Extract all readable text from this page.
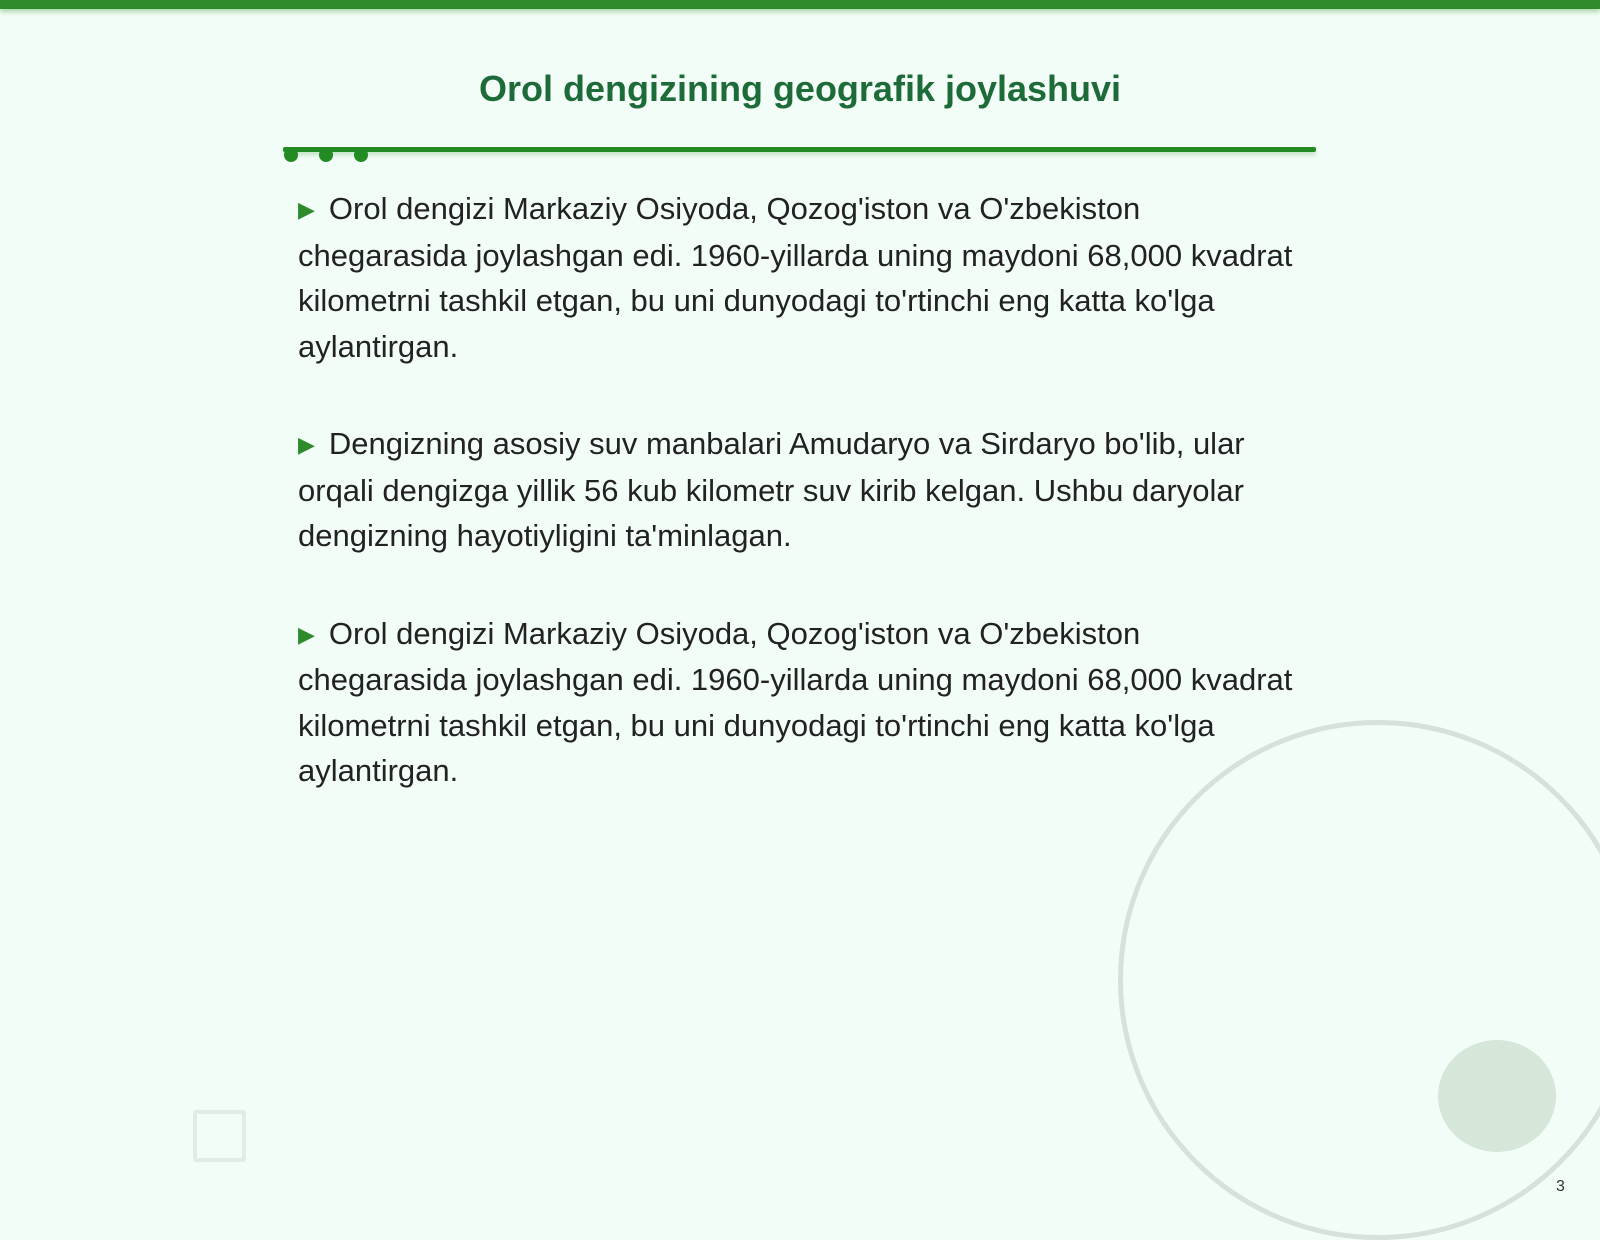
Orol dengizining geografik joylashuvi

▶ Orol dengizi Markaziy Osiyoda, Qozog'iston va O'zbekiston chegarasida joylashgan edi. 1960-yillarda uning maydoni 68,000 kvadrat kilometrni tashkil etgan, bu uni dunyodagi to'rtinchi eng katta ko'lga aylantirgan.

▶ Dengizning asosiy suv manbalari Amudaryo va Sirdaryo bo'lib, ular orqali dengizga yillik 56 kub kilometr suv kirib kelgan. Ushbu daryolar dengizning hayotiyligini ta'minlagan.

▶ Orol dengizi Markaziy Osiyoda, Qozog'iston va O'zbekiston chegarasida joylashgan edi. 1960-yillarda uning maydoni 68,000 kvadrat kilometrni tashkil etgan, bu uni dunyodagi to'rtinchi eng katta ko'lga aylantirgan.

3
